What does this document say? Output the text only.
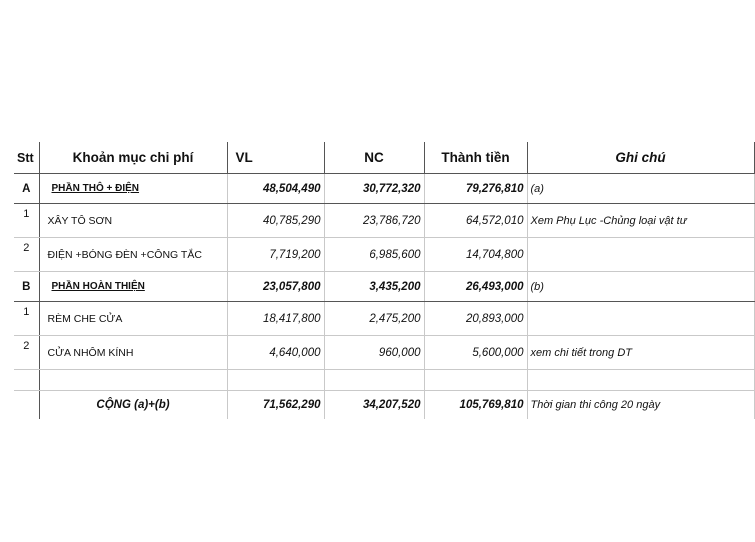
Stt	Khoản mục chi phí	VL	NC	Thành tiền	Ghi chú
A	PHẦN THÔ + ĐIỆN	48,504,490	30,772,320	79,276,810	(a)
1	XÂY TÔ SƠN	40,785,290	23,786,720	64,572,010	Xem Phụ Lục -Chủng loại vật tư
2	ĐIỆN +BÓNG ĐÈN +CÔNG TẮC	7,719,200	6,985,600	14,704,800	
B	PHẦN HOÀN THIỆN	23,057,800	3,435,200	26,493,000	(b)
1	RÈM CHE CỬA	18,417,800	2,475,200	20,893,000	
2	CỬA NHÔM KÍNH	4,640,000	960,000	5,600,000	xem chi tiết trong DT

	CỘNG (a)+(b)	71,562,290	34,207,520	105,769,810	Thời gian thi công 20 ngày
